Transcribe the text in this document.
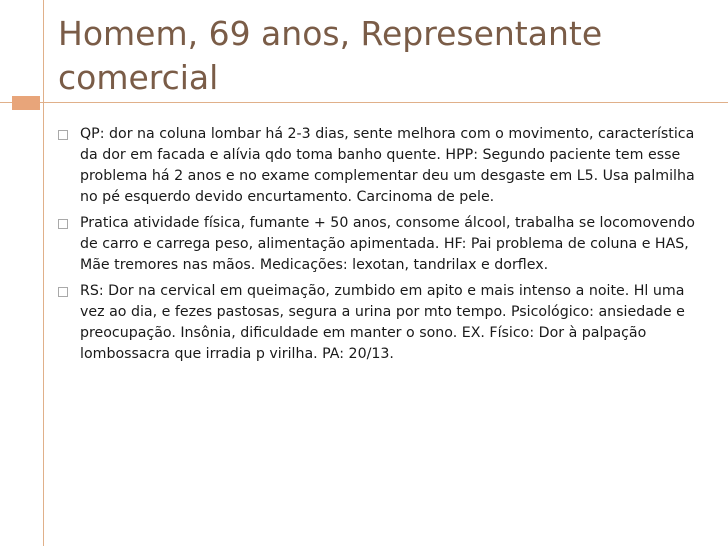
Homem, 69 anos, Representante comercial
QP: dor na coluna lombar há 2-3 dias, sente melhora com o movimento, característica da dor em facada e alívia qdo toma banho quente. HPP: Segundo paciente tem esse problema há 2 anos e no exame complementar deu um desgaste em L5. Usa palmilha no pé esquerdo devido encurtamento. Carcinoma de pele.
Pratica atividade física, fumante + 50 anos, consome álcool, trabalha se locomovendo de carro e carrega peso, alimentação apimentada. HF: Pai problema de coluna e HAS, Mãe tremores nas mãos. Medicações: lexotan, tandrilax e dorflex.
RS: Dor na cervical em queimação, zumbido em apito e mais intenso a noite. Hl uma vez ao dia, e fezes pastosas, segura a urina por mto tempo. Psicológico: ansiedade e preocupação. Insônia, dificuldade em manter o sono. EX. Físico: Dor à palpação lombossacra que irradia p virilha. PA: 20/13.
